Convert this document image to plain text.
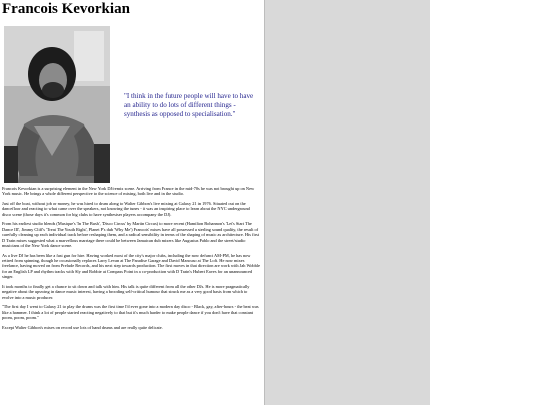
Francois Kevorkian

"I think in the future people will have to have an ability to do lots of different things - synthesis as opposed to specialisation."

Francois Kevorkian is a surprising element in the New York DJ/remix scene. Arriving from France in the mid-70s he was not brought up on New York music. He brings a whole different perspective to the science of mixing, both live and in the studio.

Just off the boat, without job or money, he was hired to drum along to Walter Gibbon's live mixing at Galaxy 21 in 1976. Situated out on the dancefloor and reacting to what came over the speakers, not knowing the tunes - it was an inspiring place to learn about the NYC underground disco scene (those days it's common for big clubs to have synthesiser players accompany the DJ).

From his earliest studio blends (Musique's 'In The Bush', 'Disco Circus' by Martin Circus) to more recent (Hamilton Bohannon's 'Let's Start The Dance III', Jimmy Cliff's 'Treat The Youth Right', Planet P's dub 'Why Me') Francois' mixes have all possessed a sterling sound quality, the result of carefully cleaning up each individual track before reshaping them, and a radical sensibility in terms of the shaping of music as architecture. His first D Train mixes suggested what a marvellous marriage there could be between Jamaican dub mixers like Augustus Pablo and the street/studio musicians of the New York dance scene.

As a live DJ he has been like a fast gun for hire. Having worked most of the city's major clubs, including the now defunct AM-PM, he has now retired from spinning, though he occasionally replaces Larry Levan at The Paradise Garage and David Mancuso at The Loft. He now mixes freelance, having moved on from Prelude Records, and his next step towards production. The first moves in that direction are work with Jah Wobble for an English LP and rhythm tracks with Sly and Robbie at Compass Point in a co-production with D Train's Hubert Eaves for an unannounced singer.

It took months to finally get a chance to sit down and talk with him. His talk is quite different from all the other DJs. He is more pragmatically negative about the upswing in dance music interest, having a brooding self-critical humour that struck me as a very good basis from which to evolve into a music producer.

"The first day I went to Galaxy 21 to play the drums was the first time I'd ever gone into a modern day disco - Black, gay, after-hours - the beat was like a hammer. I think a lot of people started reacting negatively to that but it's much harder to make people dance if you don't have that constant poom, poom, poom."

Except Walter Gibbon's mixes on record use lots of hand drums and are really quite delicate.
